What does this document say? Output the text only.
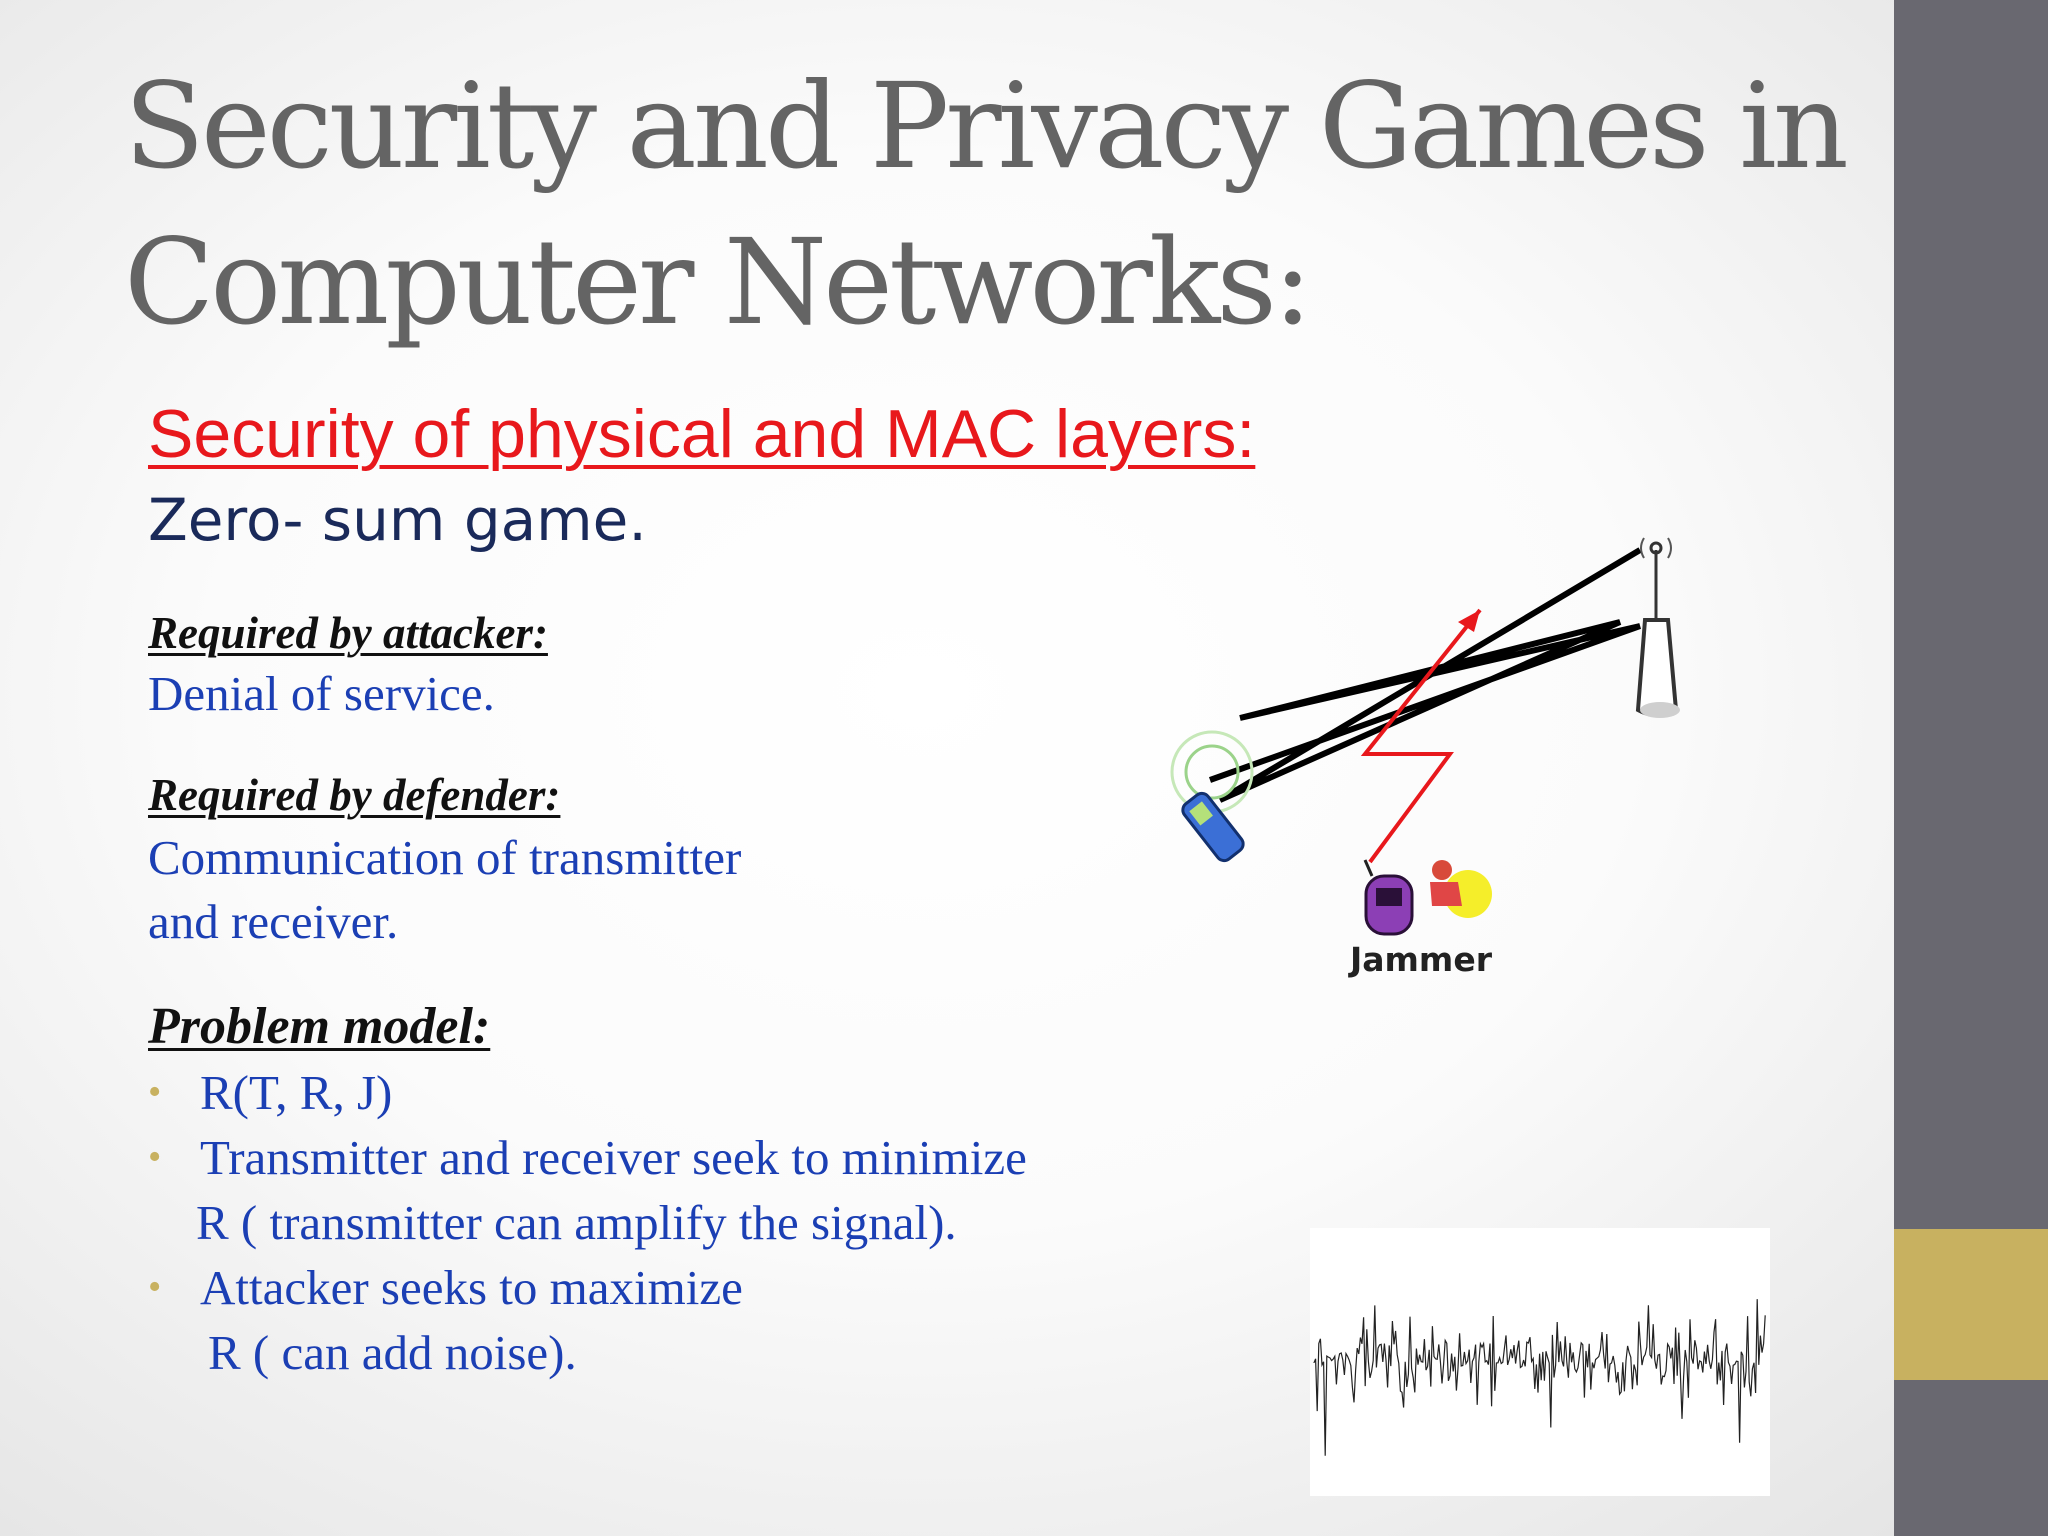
Security and Privacy Games in
Computer Networks:
Security of physical and MAC layers:
Zero- sum game.
Required by attacker:
Denial of service.
Required by defender:
Communication of transmitter
and receiver.
Problem model:
• R(T, R, J)
• Transmitter and receiver seek to minimize
R ( transmitter can amplify the signal).
• Attacker seeks to maximize
R ( can add noise).
Jammer
